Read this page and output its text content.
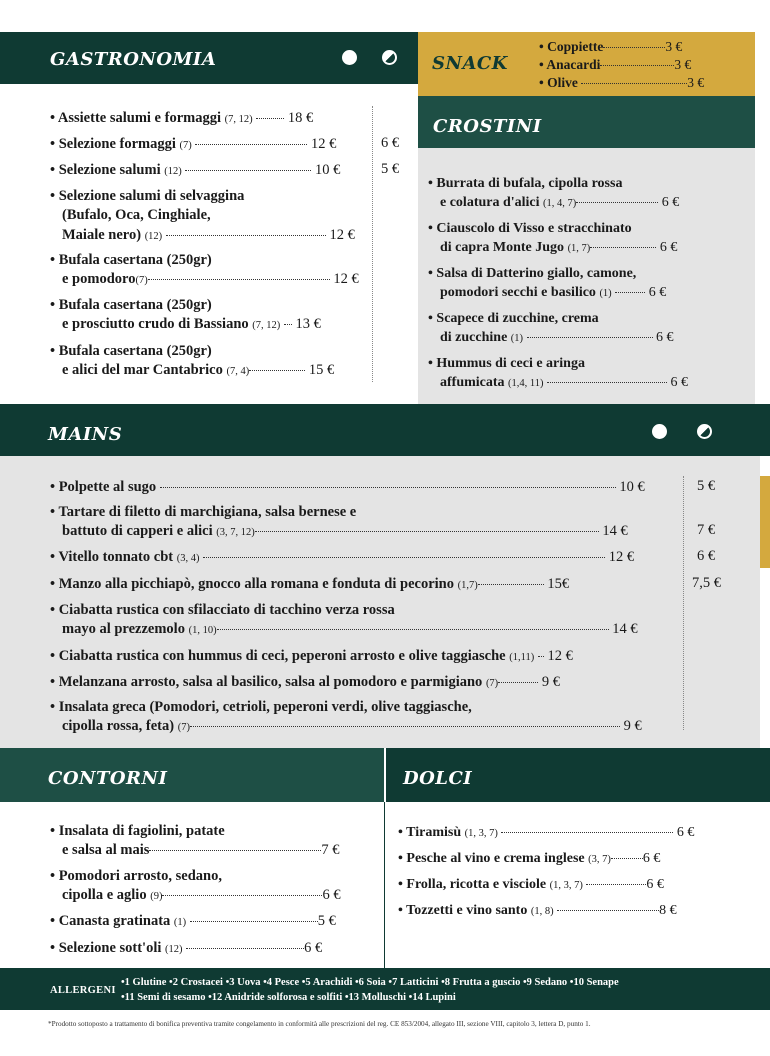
GASTRONOMIA
• Assiette salumi e formaggi (7, 12) 18 €
• Selezione formaggi (7)	12 €	6 €
• Selezione salumi (12)	10 €	5 €
• Selezione salumi di selvaggina
(Bufalo, Oca, Cinghiale,
Maiale nero) (12)	12 €
• Bufala casertana (250gr)
e pomodoro(7)	12 €
• Bufala casertana (250gr)
e prosciutto crudo di Bassiano (7, 12) 13 €
• Bufala casertana (250gr)
e alici del mar Cantabrico (7, 4)	15 €
SNACK
• Coppiette	3 €
• Anacardi	3 €
• Olive	3 €
CROSTINI
• Burrata di bufala, cipolla rossa
e colatura d'alici (1, 4, 7)	6 €
• Ciauscolo di Visso e stracchinato
di capra Monte Jugo (1, 7)	6 €
• Salsa di Datterino giallo, camone,
pomodori secchi e basilico (1)	6 €
• Scapece di zucchine, crema
di zucchine (1)	6 €
• Hummus di ceci e aringa
affumicata (1,4, 11)	6 €
MAINS
• Polpette al sugo	10 €	5 €
• Tartare di filetto di marchigiana, salsa bernese e
battuto di capperi e alici (3, 7, 12)	14 €	7 €
• Vitello tonnato cbt (3, 4)	12 €	6 €
• Manzo alla picchiapò, gnocco alla romana e fonduta di pecorino (1,7)	15€	7,5 €
• Ciabatta rustica con sfilacciato di tacchino verza rossa
mayo al prezzemolo (1, 10)	14 €
• Ciabatta rustica con hummus di ceci, peperoni arrosto e olive taggiasche (1,11) 12 €
• Melanzana arrosto, salsa al basilico, salsa al pomodoro e parmigiano (7)	9 €
• Insalata greca (Pomodori, cetrioli, peperoni verdi, olive taggiasche,
cipolla rossa, feta) (7)	9 €
CONTORNI
• Insalata di fagiolini, patate
e salsa al mais	7 €
• Pomodori arrosto, sedano,
cipolla e aglio (9)	6 €
• Canasta gratinata (1)	5 €
• Selezione sott'oli (12)	6 €
DOLCI
• Tiramisù (1, 3, 7)	6 €
• Pesche al vino e crema inglese (3, 7) 6 €
• Frolla, ricotta e visciole (1, 3, 7)	6 €
• Tozzetti e vino santo (1, 8)	8 €
ALLERGENI
•1 Glutine •2 Crostacei •3 Uova •4 Pesce •5 Arachidi •6 Soia •7 Latticini •8 Frutta a guscio •9 Sedano •10 Senape
•11 Semi di sesamo •12 Anidride solforosa e solfiti •13 Molluschi •14 Lupini
*Prodotto sottoposto a trattamento di bonifica preventiva tramite congelamento in conformità alle prescrizioni del reg. CE 853/2004, allegato III, sezione VIII, capitolo 3, lettera D, punto 1.
